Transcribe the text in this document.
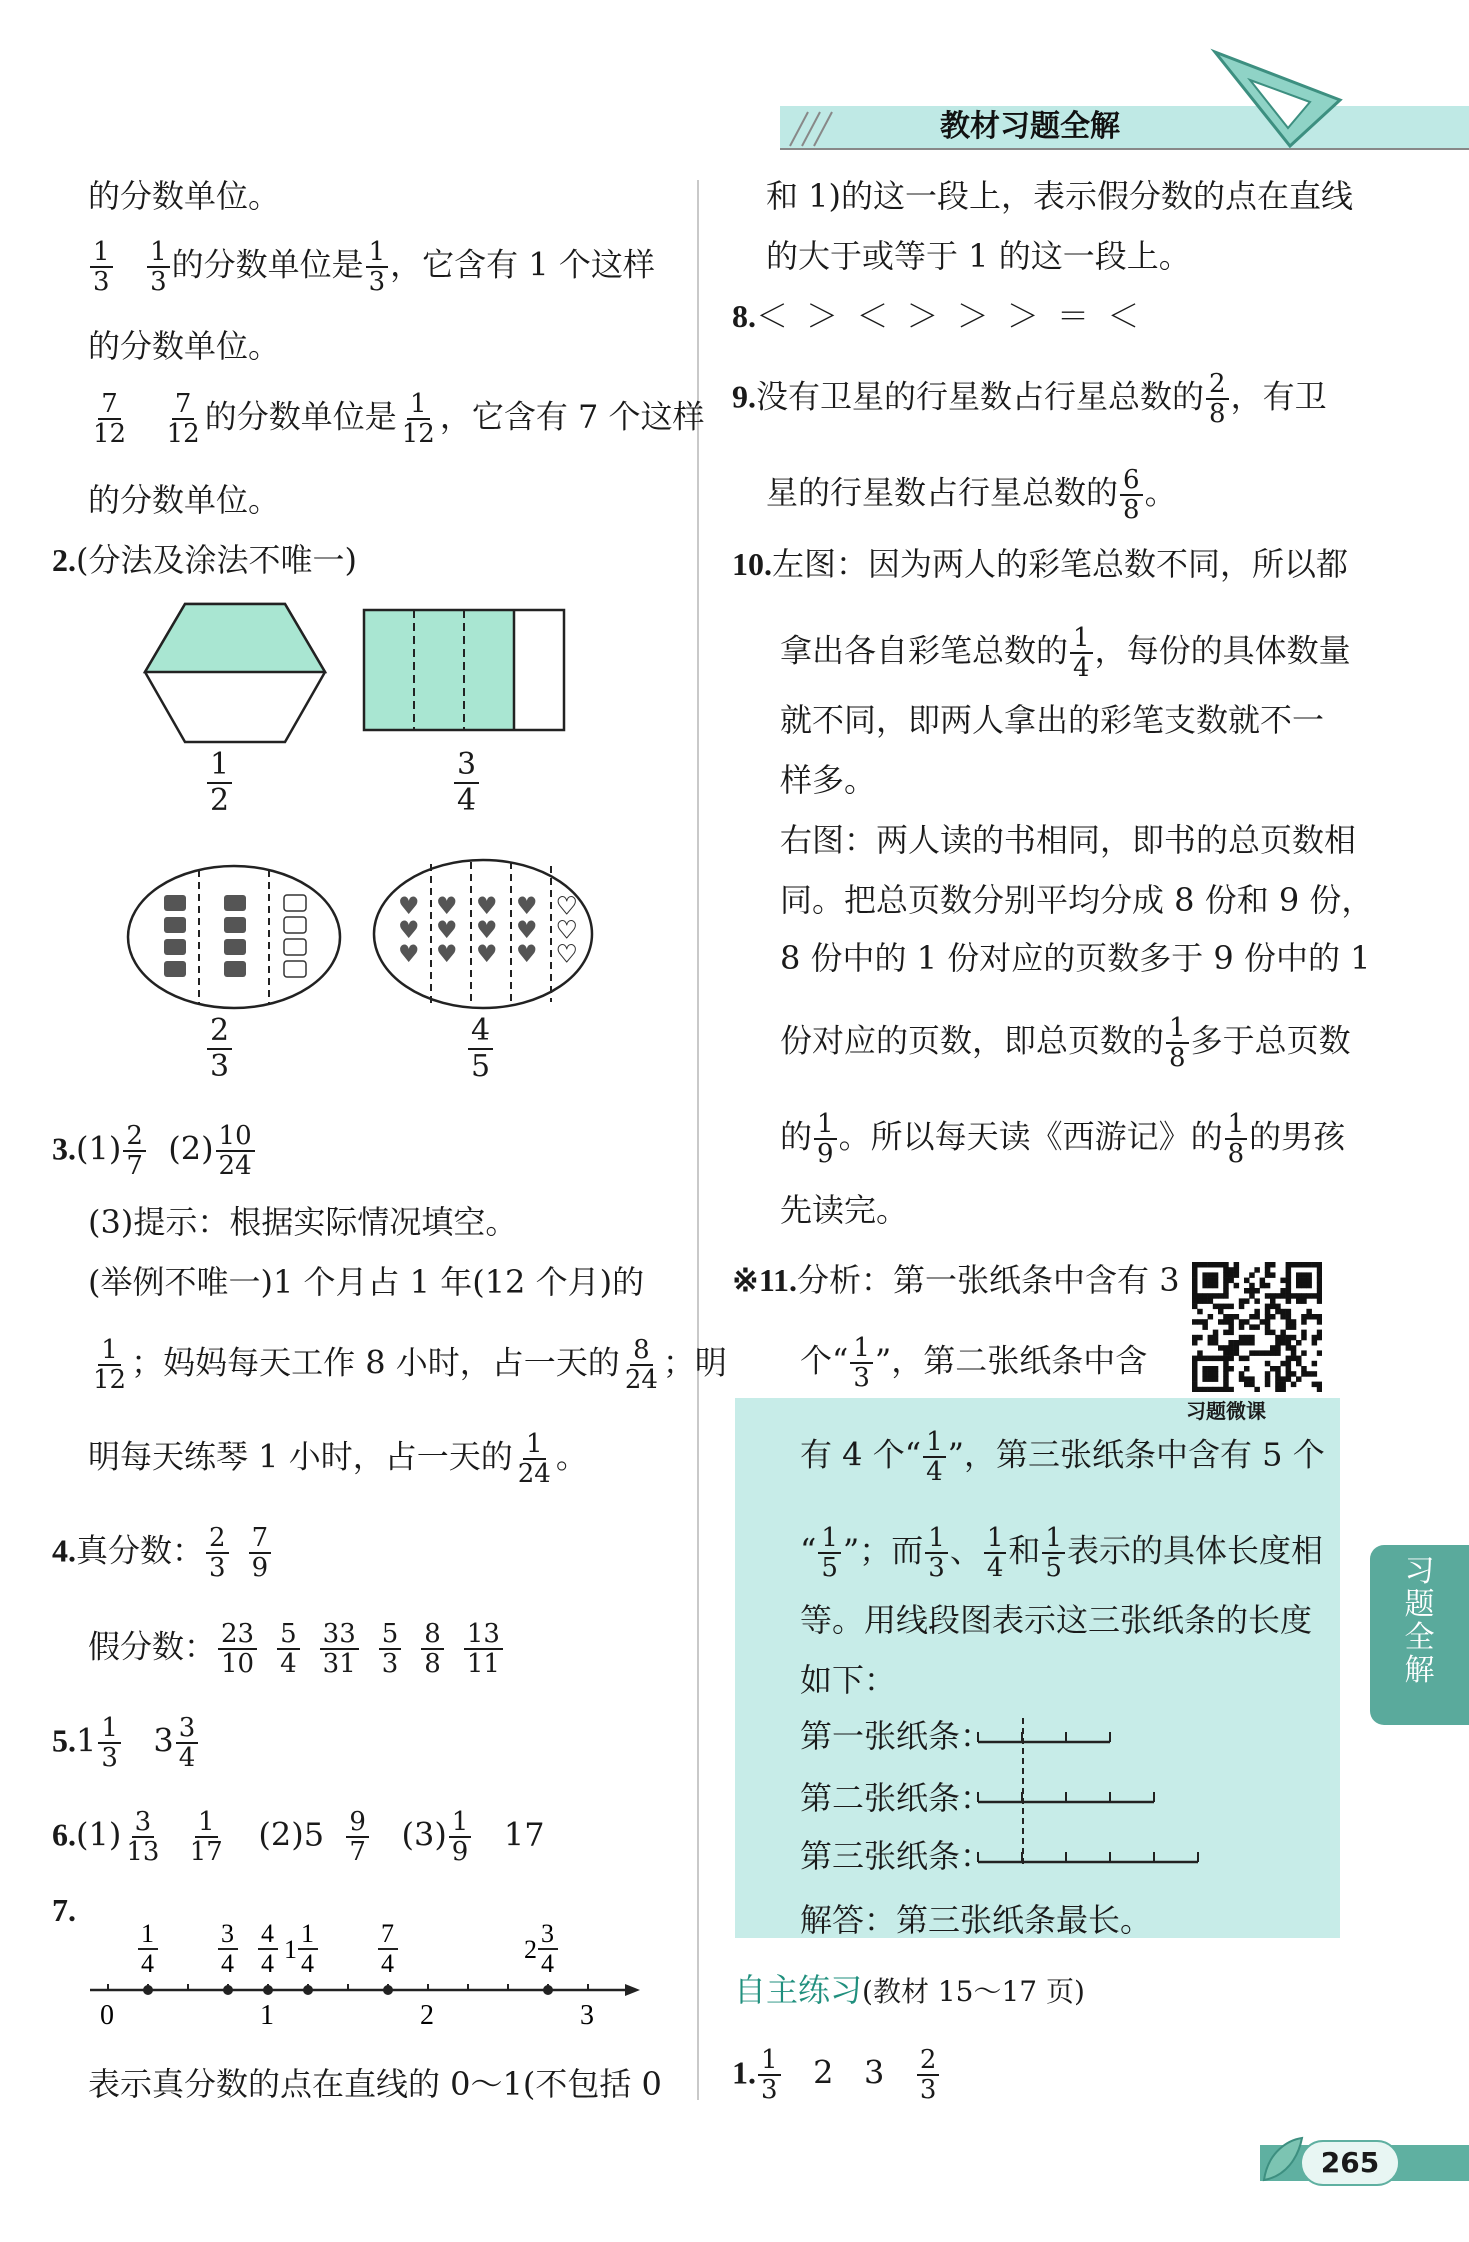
教材习题全解
的分数单位。
$\frac{1}{3}$
$\frac{1}{3}$ 的分数单位是 $\frac{1}{3}$ ，它含有 1 个这样
的分数单位。
$\frac{7}{12}$
$\frac{7}{12}$ 的分数单位是 $\frac{1}{12}$ ，它含有 7 个这样
的分数单位。
2.(分法及涂法不唯一)
$\frac{1}{2}$	$\frac{3}{4}$
$\frac{2}{3}$
♥
♥
♥
♥
♥
♥
♥
♥
♥
♥
♥
♥
♥
♥
♥
$\frac{4}{5}$
$3.(1) \frac{2}{7} (2) \frac{10}{24}$
(3)提示：根据实际情况填空。
(举例不唯一)1 个月占 1 年(12 个月)的
$\frac{1}{12}$ ；妈妈每天工作 8 小时，占一天的 $\frac{8}{24}$ ；明
明每天练琴 1 小时，占一天的 $\frac{1}{24}$ 。
4.真分数： $\frac{2}{3} \frac{7}{9}$
假分数： $\frac{23}{10} \frac{5}{4} \frac{33}{31} \frac{5}{3} \frac{8}{8} \frac{13}{11}$
$5.1 \frac{1}{3} 3 \frac{3}{4}$
$6.(1) \frac{3}{13}$
$\frac{1}{17} (2)5 \frac{9}{7} (3) \frac{1}{9} 17$
7.
0	1	2	3
1
4
3
4
4
4 1
1
4
7
4	2
3
4
表示真分数的点在直线的 0～1(不包括 0
和 1)的这一段上，表示假分数的点在直线
的大于或等于 1 的这一段上。
8.＜ ＞ ＜ ＞ ＞ ＞ ＝ ＜
9.没有卫星的行星数占行星总数的 $\frac{2}{8}$ ，有卫
星的行星数占行星总数的 $\frac{6}{8}$ 。
10.左图：因为两人的彩笔总数不同，所以都
拿出各自彩笔总数的 $\frac{1}{4}$ ，每份的具体数量
就不同，即两人拿出的彩笔支数就不一
样多。
右图：两人读的书相同，即书的总页数相
同。把总页数分别平均分成 8 份和 9 份，
8 份中的 1 份对应的页数多于 9 份中的 1
份对应的页数，即总页数的 $\frac{1}{8}$ 多于总页数
的 $\frac{1}{9}$ 。所以每天读《西游记》的 $\frac{1}{8}$ 的男孩
先读完。
习题微课
※11.分析：第一张纸条中含有 3
个“ $\frac{1}{3}$ ”，第二张纸条中含
有 4 个“ $\frac{1}{4}$ ”，第三张纸条中含有 5 个
“ $\frac{1}{5}$ ”；而 $\frac{1}{3}$ 、 $\frac{1}{4}$ 和 $\frac{1}{5}$ 表示的具体长度相
等。用线段图表示这三张纸条的长度
如下：
第一张纸条：
第二张纸条：
第三张纸条：
解答：第三张纸条最长。
自主练习(教材 15～17 页)
1. $\frac{1}{3} 2$ $3 \frac{2}{3}$
习
题
全
解
265
